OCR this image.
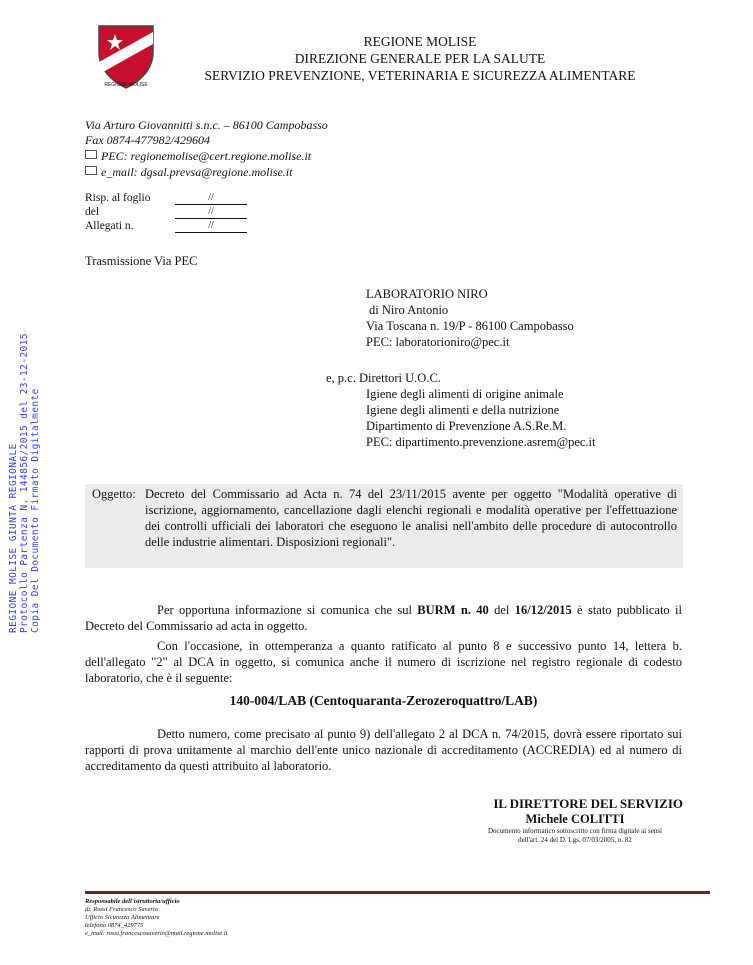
REGIONE MOLISE
REGIONE MOLISE
DIREZIONE GENERALE PER LA SALUTE
SERVIZIO PREVENZIONE, VETERINARIA E SICUREZZA ALIMENTARE
Via Arturo Giovannitti s.n.c. – 86100 Campobasso
Fax 0874-477982/429604
PEC: regionemolise@cert.regione.molise.it
e_mail: dgsal.prevsa@regione.molise.it
Risp. al foglio	//
del	//
Allegati n.	//
Trasmissione Via PEC
LABORATORIO NIRO
di Niro Antonio
Via Toscana n. 19/P - 86100 Campobasso
PEC: laboratorioniro@pec.it
e, p.c. Direttori U.O.C.
Igiene degli alimenti di origine animale
Igiene degli alimenti e della nutrizione
Dipartimento di Prevenzione A.S.Re.M.
PEC: dipartimento.prevenzione.asrem@pec.it
Oggetto: Decreto del Commissario ad Acta n. 74 del 23/11/2015 avente per oggetto "Modalità operative di iscrizione, aggiornamento, cancellazione dagli elenchi regionali e modalità operative per l'effettuazione dei controlli ufficiali dei laboratori che eseguono le analisi nell'ambito delle procedure di autocontrollo delle industrie alimentari. Disposizioni regionali".
Per opportuna informazione si comunica che sul BURM n. 40 del 16/12/2015 è stato pubblicato il Decreto del Commissario ad acta in oggetto.
Con l'occasione, in ottemperanza a quanto ratificato al punto 8 e successivo punto 14, lettera b. dell'allegato "2" al DCA in oggetto, si comunica anche il numero di iscrizione nel registro regionale di codesto laboratorio, che è il seguente:
140-004/LAB (Centoquaranta-Zerozeroquattro/LAB)
Detto numero, come precisato al punto 9) dell'allegato 2 al DCA n. 74/2015, dovrà essere riportato sui rapporti di prova unitamente al marchio dell'ente unico nazionale di accreditamento (ACCREDIA) ed al numero di accreditamento da questi attribuito al laboratorio.
IL DIRETTORE DEL SERVIZIO
Michele COLITTI
Documento informatico sottoscritto con firma digitale ai sensi
dell'art. 24 del D. Lgs. 07/03/2005, n. 82
REGIONE MOLISE GIUNTA REGIONALE Protocollo Partenza N. 144856/2015 del 23-12-2015 Copia Del Documento Firmato Digitalmente
Responsabile dell'istruttoria/ufficio
dr. Rossi Francesco Saverio
Ufficio Sicurezza Alimentare
telefono 0874_429775
e_mail: rossi.francescosaverio@mail.regione.molise.it
